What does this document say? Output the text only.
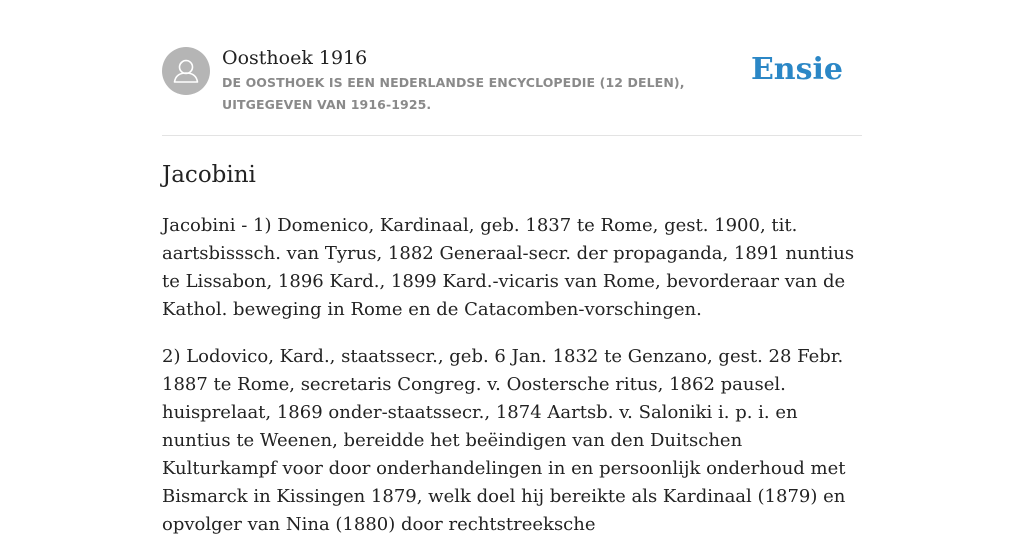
Oosthoek 1916
DE OOSTHOEK IS EEN NEDERLANDSE ENCYCLOPEDIE (12 DELEN), UITGEGEVEN VAN 1916-1925.
Ensie
Jacobini

Jacobini - 1) Domenico, Kardinaal, geb. 1837 te Rome, gest. 1900, tit. aartsbisssch. van Tyrus, 1882 Generaal-secr. der propaganda, 1891 nuntius te Lissabon, 1896 Kard., 1899 Kard.-vicaris van Rome, bevorderaar van de Kathol. beweging in Rome en de Catacomben-vorschingen.

2) Lodovico, Kard., staatssecr., geb. 6 Jan. 1832 te Genzano, gest. 28 Febr. 1887 te Rome, secretaris Congreg. v. Oostersche ritus, 1862 pausel. huisprelaat, 1869 onder-staatssecr., 1874 Aartsb. v. Saloniki i. p. i. en nuntius te Weenen, bereidde het beëindigen van den Duitschen Kulturkampf voor door onderhandelingen in en persoonlijk onderhoud met Bismarck in Kissingen 1879, welk doel hij bereikte als Kardinaal (1879) en opvolger van Nina (1880) door rechtstreeksche
